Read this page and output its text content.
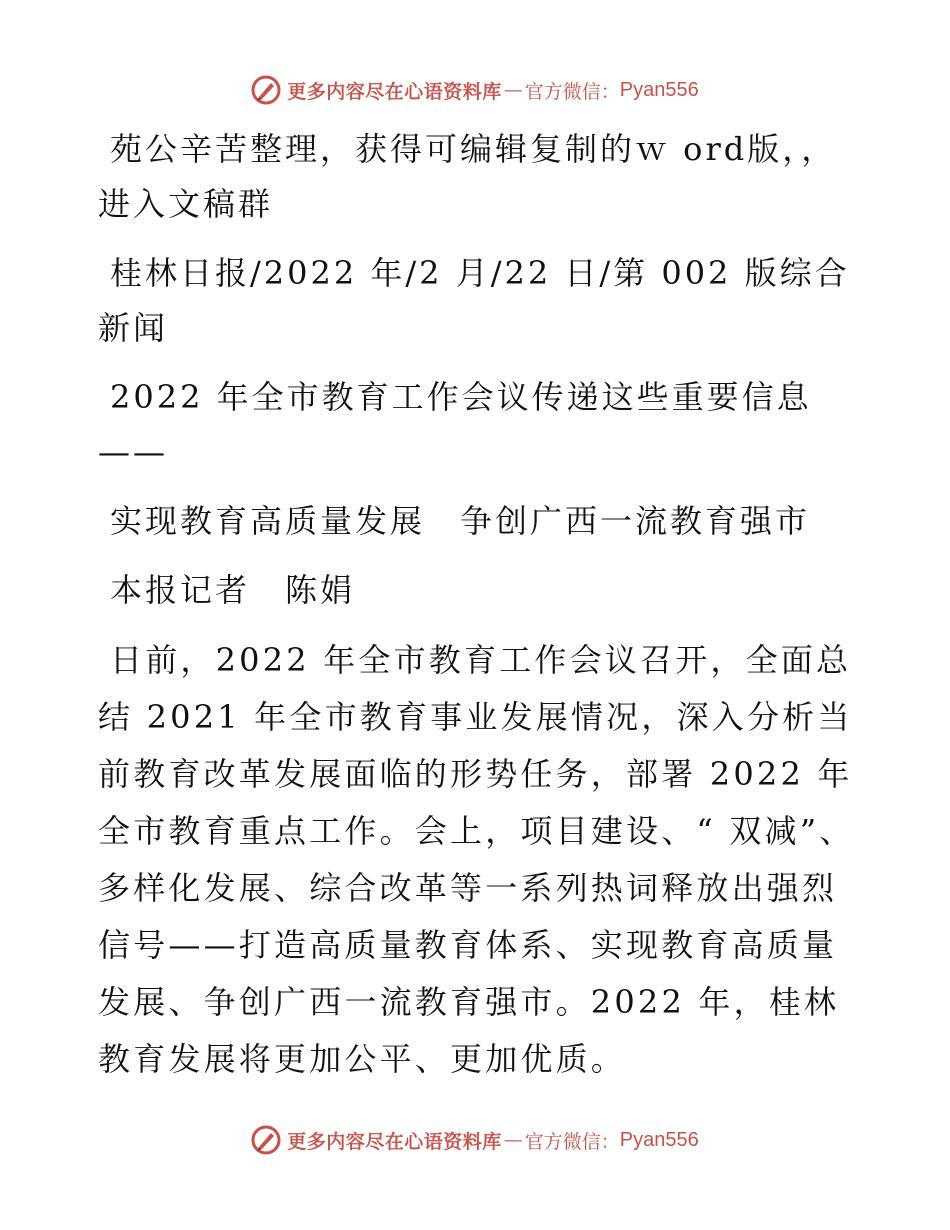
更多内容尽在心语资料库 — 官方微信： Pyan556

苑公辛苦整理，获得可编辑复制的ｗ ord版，，进入文稿群

桂林日报/2022 年/2 月/22 日/第 002 版综合新闻

2022 年全市教育工作会议传递这些重要信息——

实现教育高质量发展　争创广西一流教育强市

本报记者　陈娟

日前，2022 年全市教育工作会议召开，全面总结 2021 年全市教育事业发展情况，深入分析当前教育改革发展面临的形势任务，部署 2022 年全市教育重点工作。会上，项目建设、“ 双减”、多样化发展、综合改革等一系列热词释放出强烈信号——打造高质量教育体系、实现教育高质量发展、争创广西一流教育强市。2022 年，桂林教育发展将更加公平、更加优质。

更多内容尽在心语资料库 — 官方微信： Pyan556
